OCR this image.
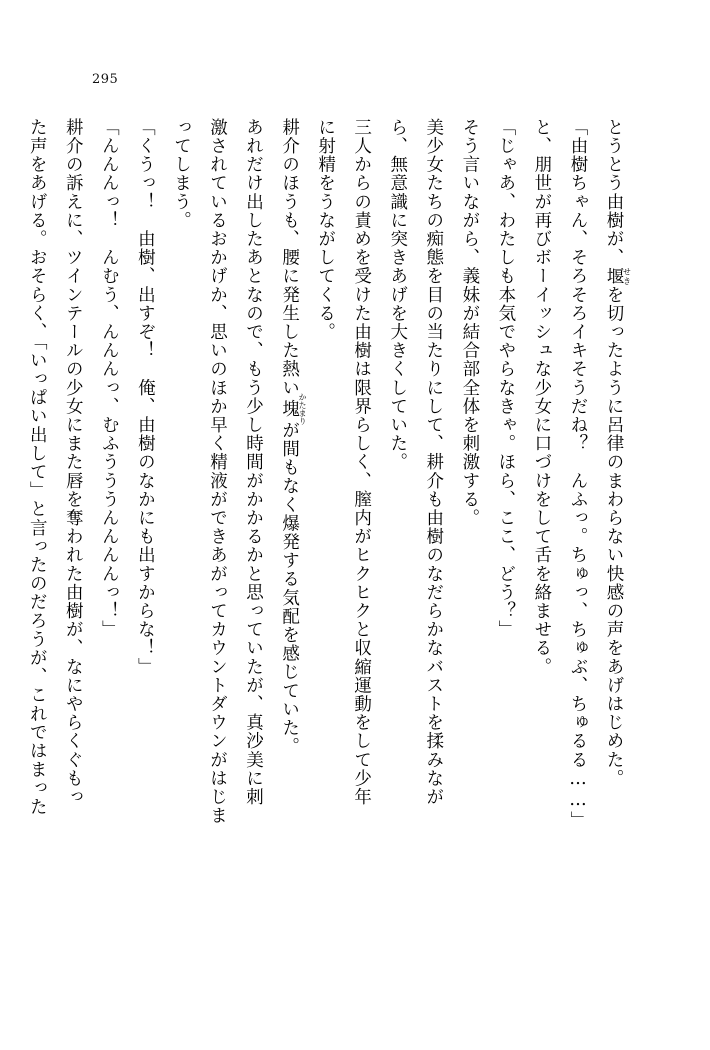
295

とうとう由樹が、堰せきを切ったように呂律のまわらない快感の声をあげはじめた。

「由樹ちゃん、そろそろイキそうだね？　んふっ。ちゅっ、ちゅぶ、ちゅるる……」

と、朋世が再びボーイッシュな少女に口づけをして舌を絡ませる。

「じゃあ、わたしも本気でやらなきゃ。ほら、ここ、どう？」

そう言いながら、義妹が結合部全体を刺激する。

美少女たちの痴態を目の当たりにして、耕介も由樹のなだらかなバストを揉みなが

ら、無意識に突きあげを大きくしていた。

三人からの責めを受けた由樹は限界らしく、膣内がヒクヒクと収縮運動をして少年

に射精をうながしてくる。

耕介のほうも、腰に発生した熱い塊かたまりが間もなく爆発する気配を感じていた。

あれだけ出したあとなので、もう少し時間がかかるかと思っていたが、真沙美に刺

激されているおかげか、思いのほか早く精液ができあがってカウントダウンがはじま

ってしまう。

「くうっ！　由樹、出すぞ！　俺、由樹のなかにも出すからな！」

「んんんっ！　んむう、んんんっ、むふうううんんんんっ！」

耕介の訴えに、ツインテールの少女にまた唇を奪われた由樹が、なにやらくぐもっ

た声をあげる。おそらく、「いっぱい出して」と言ったのだろうが、これではまった
